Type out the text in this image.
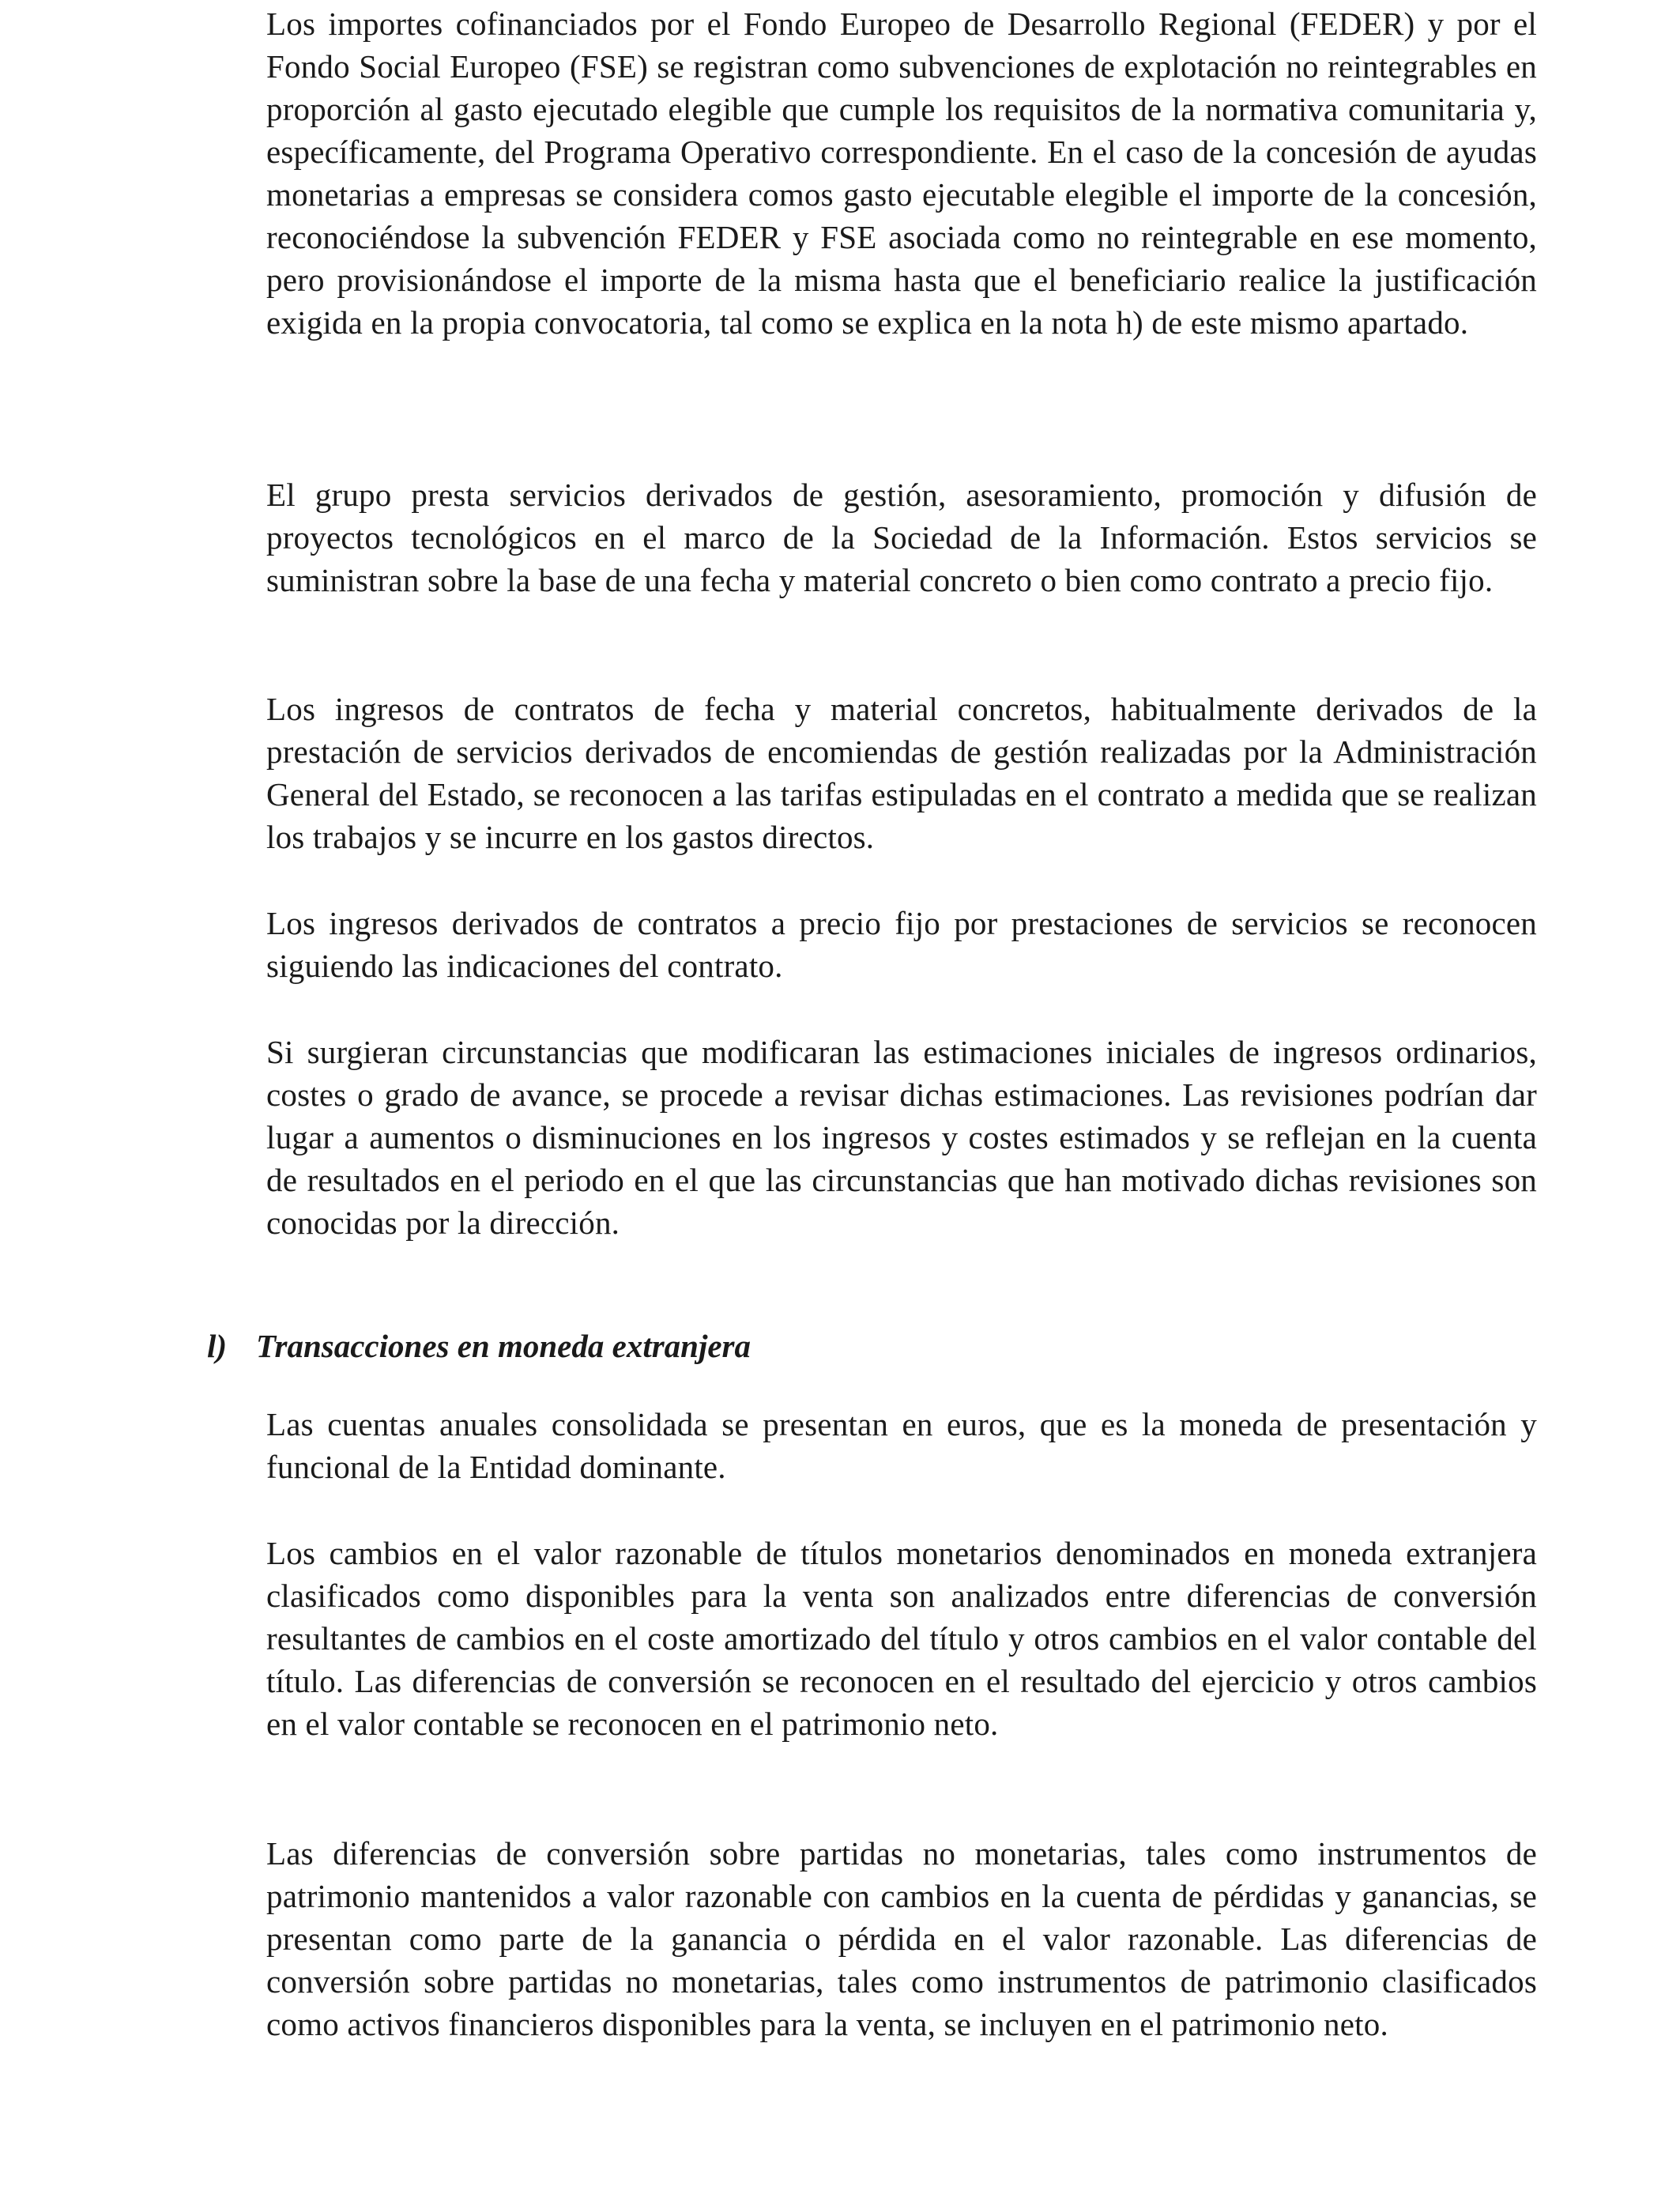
Los importes cofinanciados por el Fondo Europeo de Desarrollo Regional (FEDER) y por el Fondo Social Europeo (FSE) se registran como subvenciones de explotación no reintegrables en proporción al gasto ejecutado elegible que cumple los requisitos de la normativa comunitaria y, específicamente, del Programa Operativo correspondiente. En el caso de la concesión de ayudas monetarias a empresas se considera comos gasto ejecutable elegible el importe de la concesión, reconociéndose la subvención FEDER y FSE asociada como no reintegrable en ese momento, pero provisionándose el importe de la misma hasta que el beneficiario realice la justificación exigida en la propia convocatoria, tal como se explica en la nota h) de este mismo apartado.

El grupo presta servicios derivados de gestión, asesoramiento, promoción y difusión de proyectos tecnológicos en el marco de la Sociedad de la Información. Estos servicios se suministran sobre la base de una fecha y material concreto o bien como contrato a precio fijo.

Los ingresos de contratos de fecha y material concretos, habitualmente derivados de la prestación de servicios derivados de encomiendas de gestión realizadas por la Administración General del Estado, se reconocen a las tarifas estipuladas en el contrato a medida que se realizan los trabajos y se incurre en los gastos directos.

Los ingresos derivados de contratos a precio fijo por prestaciones de servicios se reconocen siguiendo las indicaciones del contrato.

Si surgieran circunstancias que modificaran las estimaciones iniciales de ingresos ordinarios, costes o grado de avance, se procede a revisar dichas estimaciones. Las revisiones podrían dar lugar a aumentos o disminuciones en los ingresos y costes estimados y se reflejan en la cuenta de resultados en el periodo en el que las circunstancias que han motivado dichas revisiones son conocidas por la dirección.

l) Transacciones en moneda extranjera

Las cuentas anuales consolidada se presentan en euros, que es la moneda de presentación y funcional de la Entidad dominante.

Los cambios en el valor razonable de títulos monetarios denominados en moneda extranjera clasificados como disponibles para la venta son analizados entre diferencias de conversión resultantes de cambios en el coste amortizado del título y otros cambios en el valor contable del título. Las diferencias de conversión se reconocen en el resultado del ejercicio y otros cambios en el valor contable se reconocen en el patrimonio neto.

Las diferencias de conversión sobre partidas no monetarias, tales como instrumentos de patrimonio mantenidos a valor razonable con cambios en la cuenta de pérdidas y ganancias, se presentan como parte de la ganancia o pérdida en el valor razonable. Las diferencias de conversión sobre partidas no monetarias, tales como instrumentos de patrimonio clasificados como activos financieros disponibles para la venta, se incluyen en el patrimonio neto.
